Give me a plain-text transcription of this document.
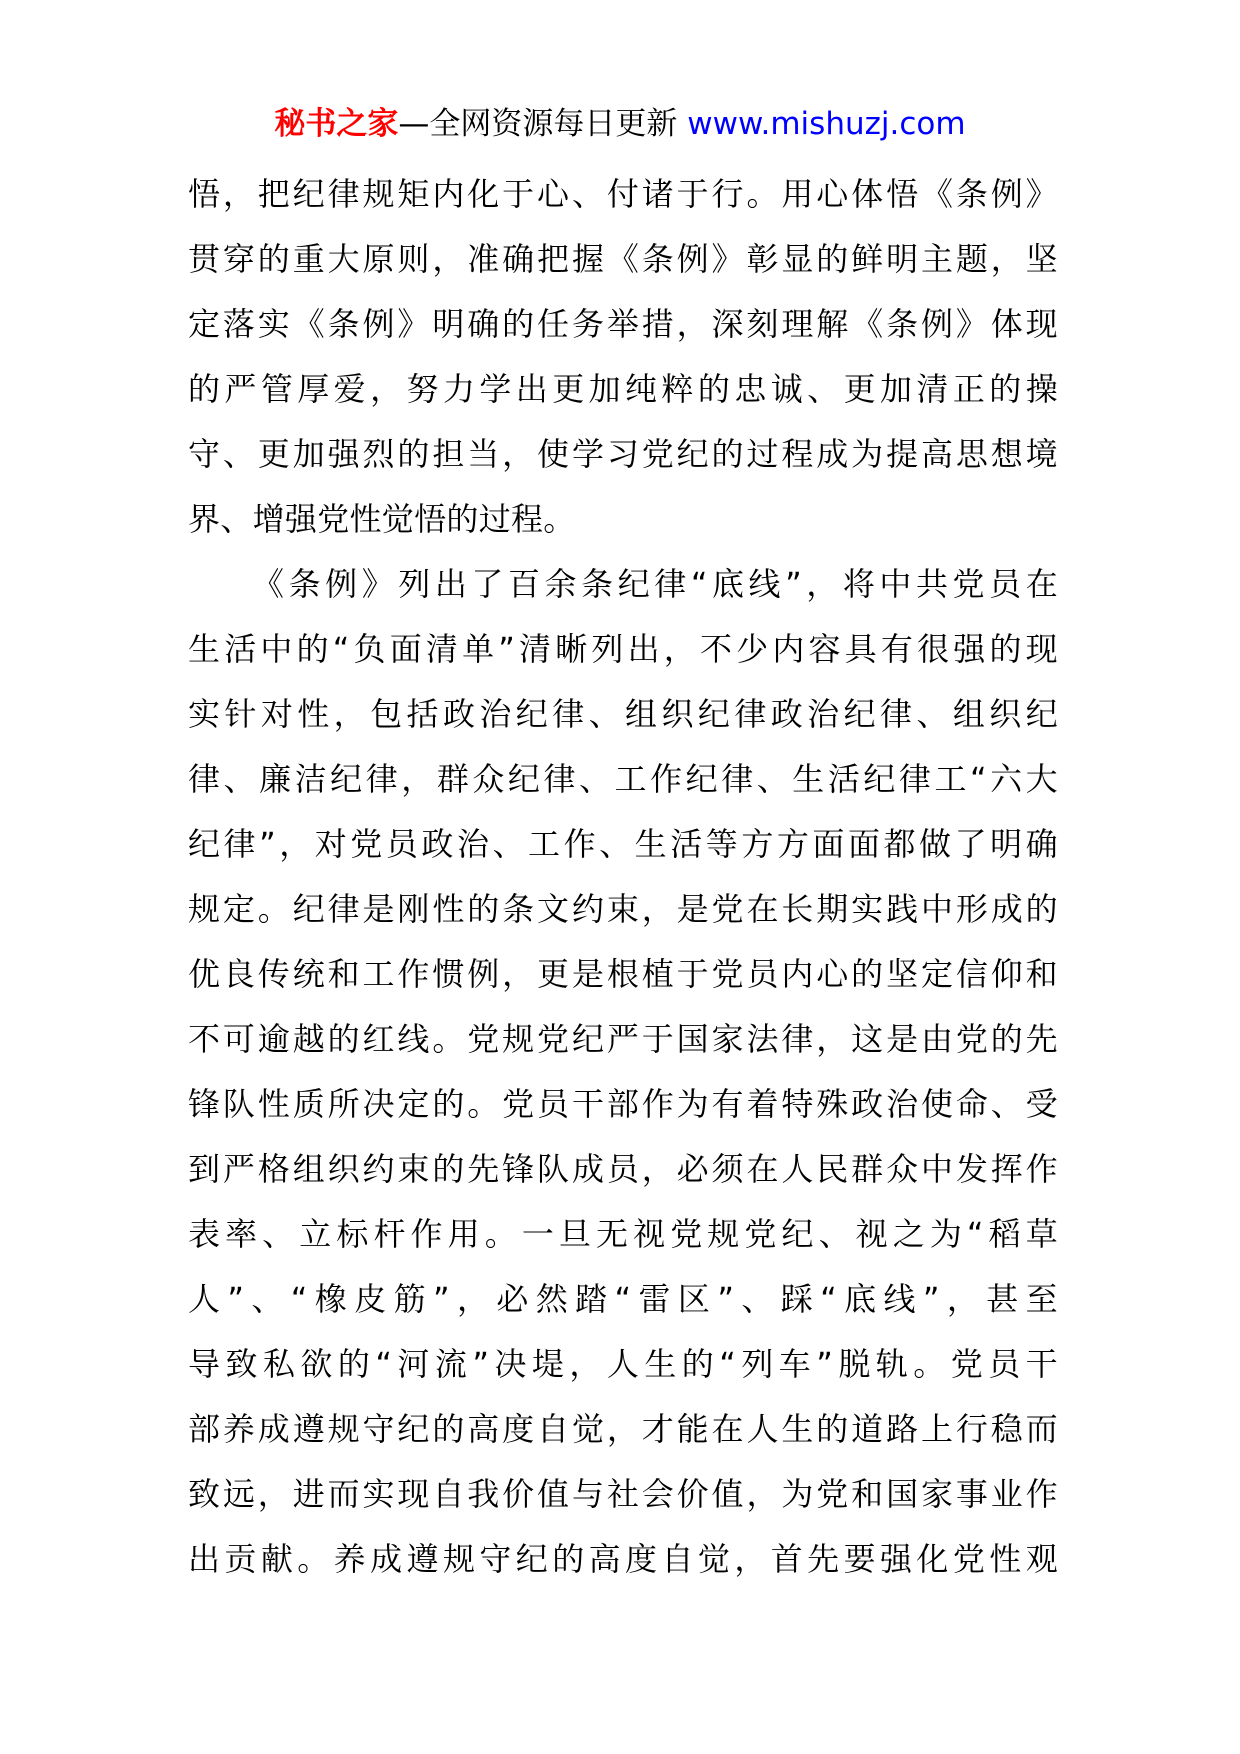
秘书之家—全网资源每日更新 www.mishuzj.com
悟，把纪律规矩内化于心、付诸于行。用心体悟《条例》
贯穿的重大原则，准确把握《条例》彰显的鲜明主题，坚
定落实《条例》明确的任务举措，深刻理解《条例》体现
的严管厚爱，努力学出更加纯粹的忠诚、更加清正的操
守、更加强烈的担当，使学习党纪的过程成为提高思想境
界、增强党性觉悟的过程。
《条例》列出了百余条纪律“底线”，将中共党员在
生活中的“负面清单”清晰列出，不少内容具有很强的现
实针对性，包括政治纪律、组织纪律政治纪律、组织纪
律、廉洁纪律，群众纪律、工作纪律、生活纪律工“六大
纪律”，对党员政治、工作、生活等方方面面都做了明确
规定。纪律是刚性的条文约束，是党在长期实践中形成的
优良传统和工作惯例，更是根植于党员内心的坚定信仰和
不可逾越的红线。党规党纪严于国家法律，这是由党的先
锋队性质所决定的。党员干部作为有着特殊政治使命、受
到严格组织约束的先锋队成员，必须在人民群众中发挥作
表率、立标杆作用。一旦无视党规党纪、视之为“稻草
人”、“橡皮筋”，必然踏“雷区”、踩“底线”，甚至
导致私欲的“河流”决堤，人生的“列车”脱轨。党员干
部养成遵规守纪的高度自觉，才能在人生的道路上行稳而
致远，进而实现自我价值与社会价值，为党和国家事业作
出贡献。养成遵规守纪的高度自觉，首先要强化党性观
